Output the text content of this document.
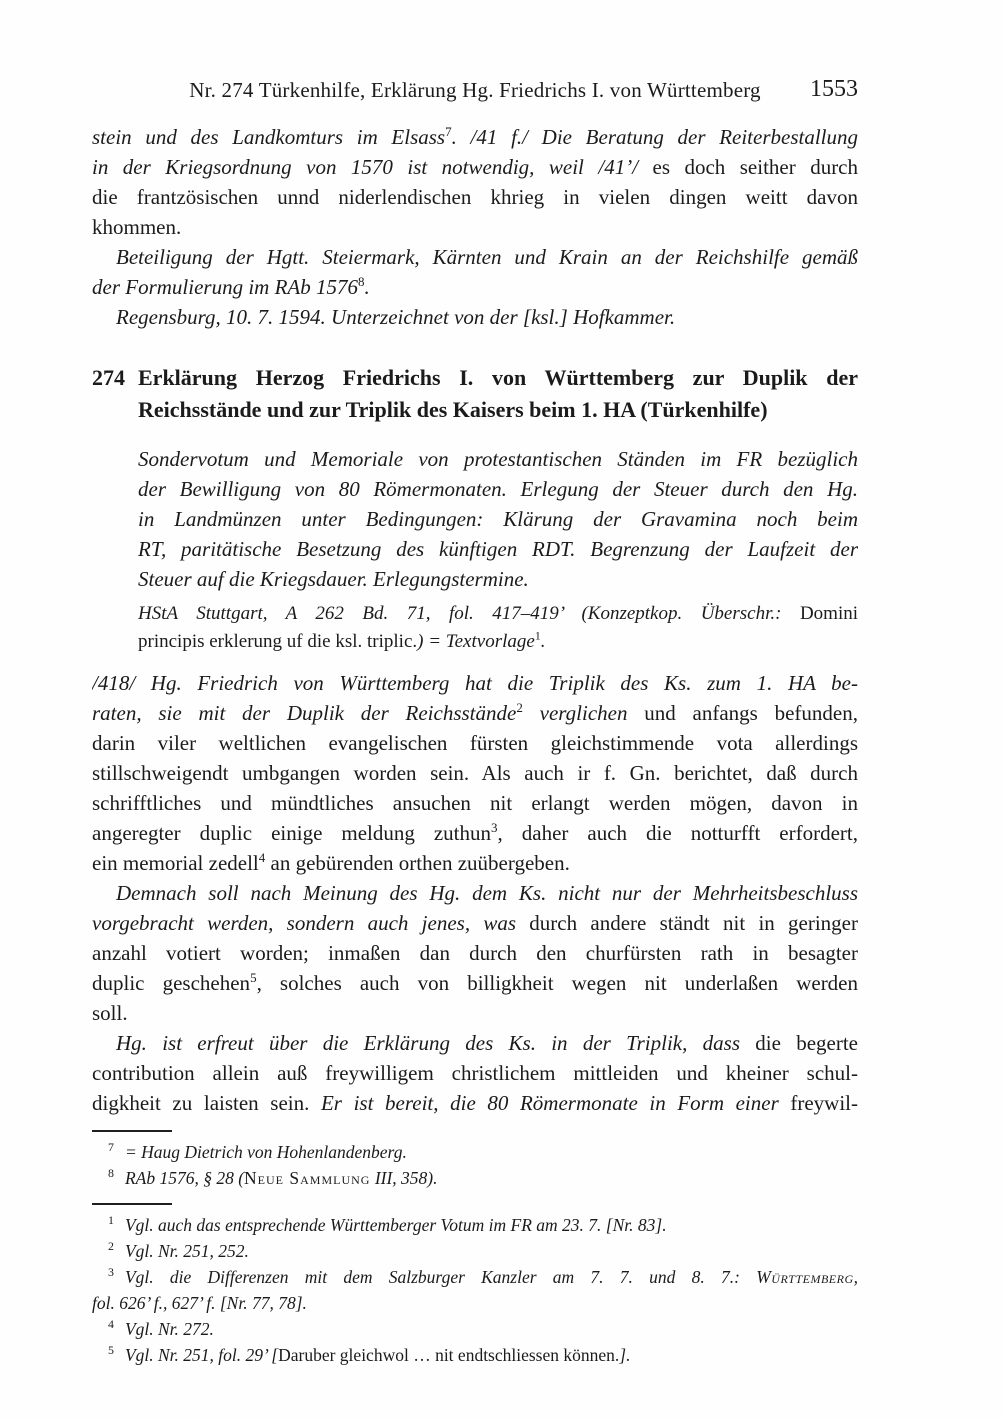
Nr. 274 Türkenhilfe, Erklärung Hg. Friedrichs I. von Württemberg	1553
stein und des Landkomturs im Elsass$^7$. /41 f./ Die Beratung der Reiterbestallung
in der Kriegsordnung von 1570 ist notwendig, weil /41’/ es doch seither durch
die frantzösischen unnd niderlendischen khrieg in vielen dingen weitt davon
khommen.
Beteiligung der Hgtt. Steiermark, Kärnten und Krain an der Reichshilfe gemäß
der Formulierung im RAb 1576$^8$.
Regensburg, 10. 7. 1594. Unterzeichnet von der [ksl.] Hofkammer.
274 Erklärung Herzog Friedrichs I. von Württemberg zur Duplik der
Reichsstände und zur Triplik des Kaisers beim 1. HA (Türkenhilfe)
Sondervotum und Memoriale von protestantischen Ständen im FR bezüglich
der Bewilligung von 80 Römermonaten. Erlegung der Steuer durch den Hg.
in Landmünzen unter Bedingungen: Klärung der Gravamina noch beim
RT, paritätische Besetzung des künftigen RDT. Begrenzung der Laufzeit der
Steuer auf die Kriegsdauer. Erlegungstermine.
HStA Stuttgart, A 262 Bd. 71, fol. 417–419’ (Konzeptkop. Überschr.: Domini
principis erklerung uf die ksl. triplic.) = Textvorlage$^1$.
/418/ Hg. Friedrich von Württemberg hat die Triplik des Ks. zum 1. HA be-
raten, sie mit der Duplik der Reichsstände$^2$ verglichen und anfangs befunden,
darin viler weltlichen evangelischen fürsten gleichstimmende vota allerdings
stillschweigendt umbgangen worden sein. Als auch ir f. Gn. berichtet, daß durch
schrifftliches und mündtliches ansuchen nit erlangt werden mögen, davon in
angeregter duplic einige meldung zuthun$^3$, daher auch die notturfft erfordert,
ein memorial zedell$^4$ an gebürenden orthen zuübergeben.
Demnach soll nach Meinung des Hg. dem Ks. nicht nur der Mehrheitsbeschluss
vorgebracht werden, sondern auch jenes, was durch andere ständt nit in geringer
anzahl votiert worden; inmaßen dan durch den churfürsten rath in besagter
duplic geschehen$^5$, solches auch von billigkheit wegen nit underlaßen werden
soll.
Hg. ist erfreut über die Erklärung des Ks. in der Triplik, dass die begerte
contribution allein auß freywilligem christlichem mittleiden und kheiner schul-
digkheit zu laisten sein. Er ist bereit, die 80 Römermonate in Form einer freywil-
$^7$ = Haug Dietrich von Hohenlandenberg.
$^8$ RAb 1576, § 28 (Neue Sammlung III, 358).
$^1$ Vgl. auch das entsprechende Württemberger Votum im FR am 23. 7. [Nr. 83].
$^2$ Vgl. Nr. 251, 252.
$^3$ Vgl. die Differenzen mit dem Salzburger Kanzler am 7. 7. und 8. 7.: Württemberg,
fol. 626’ f., 627’ f. [Nr. 77, 78].
$^4$ Vgl. Nr. 272.
$^5$ Vgl. Nr. 251, fol. 29’ [Daruber gleichwol … nit endtschliessen können.].
